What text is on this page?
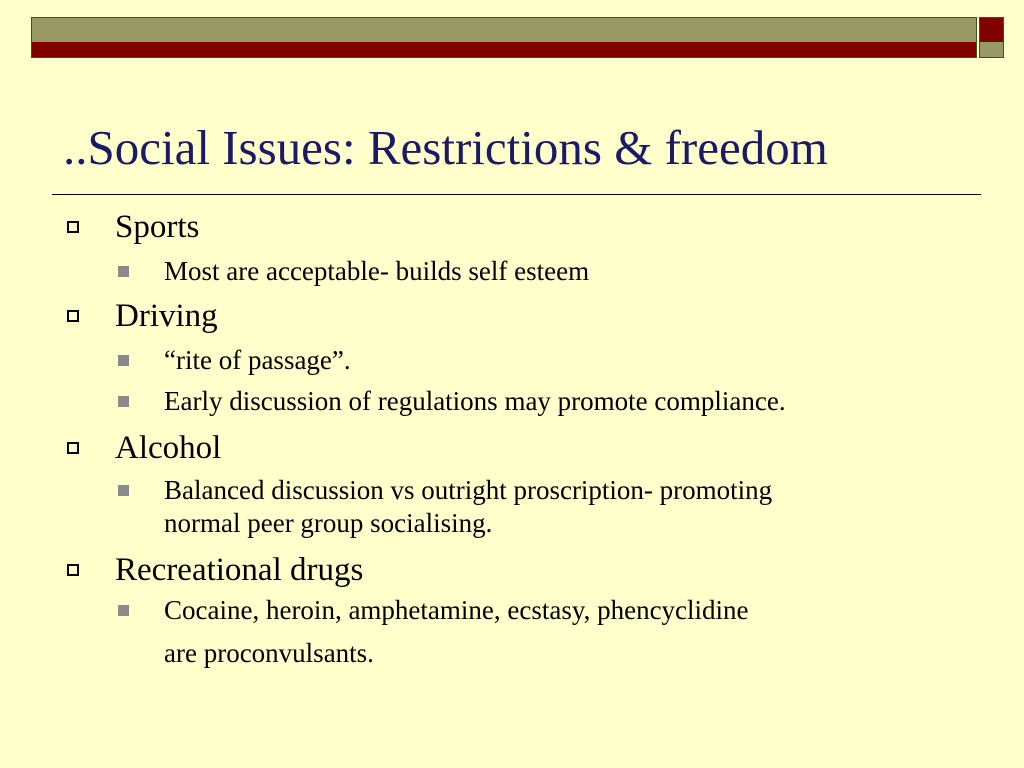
..Social Issues: Restrictions & freedom
Sports
Most are acceptable- builds self esteem
Driving
“rite of passage”.
Early discussion of regulations may promote compliance.
Alcohol
Balanced discussion vs outright proscription- promoting
normal peer group socialising.
Recreational drugs
Cocaine, heroin, amphetamine, ecstasy, phencyclidine
are proconvulsants.
